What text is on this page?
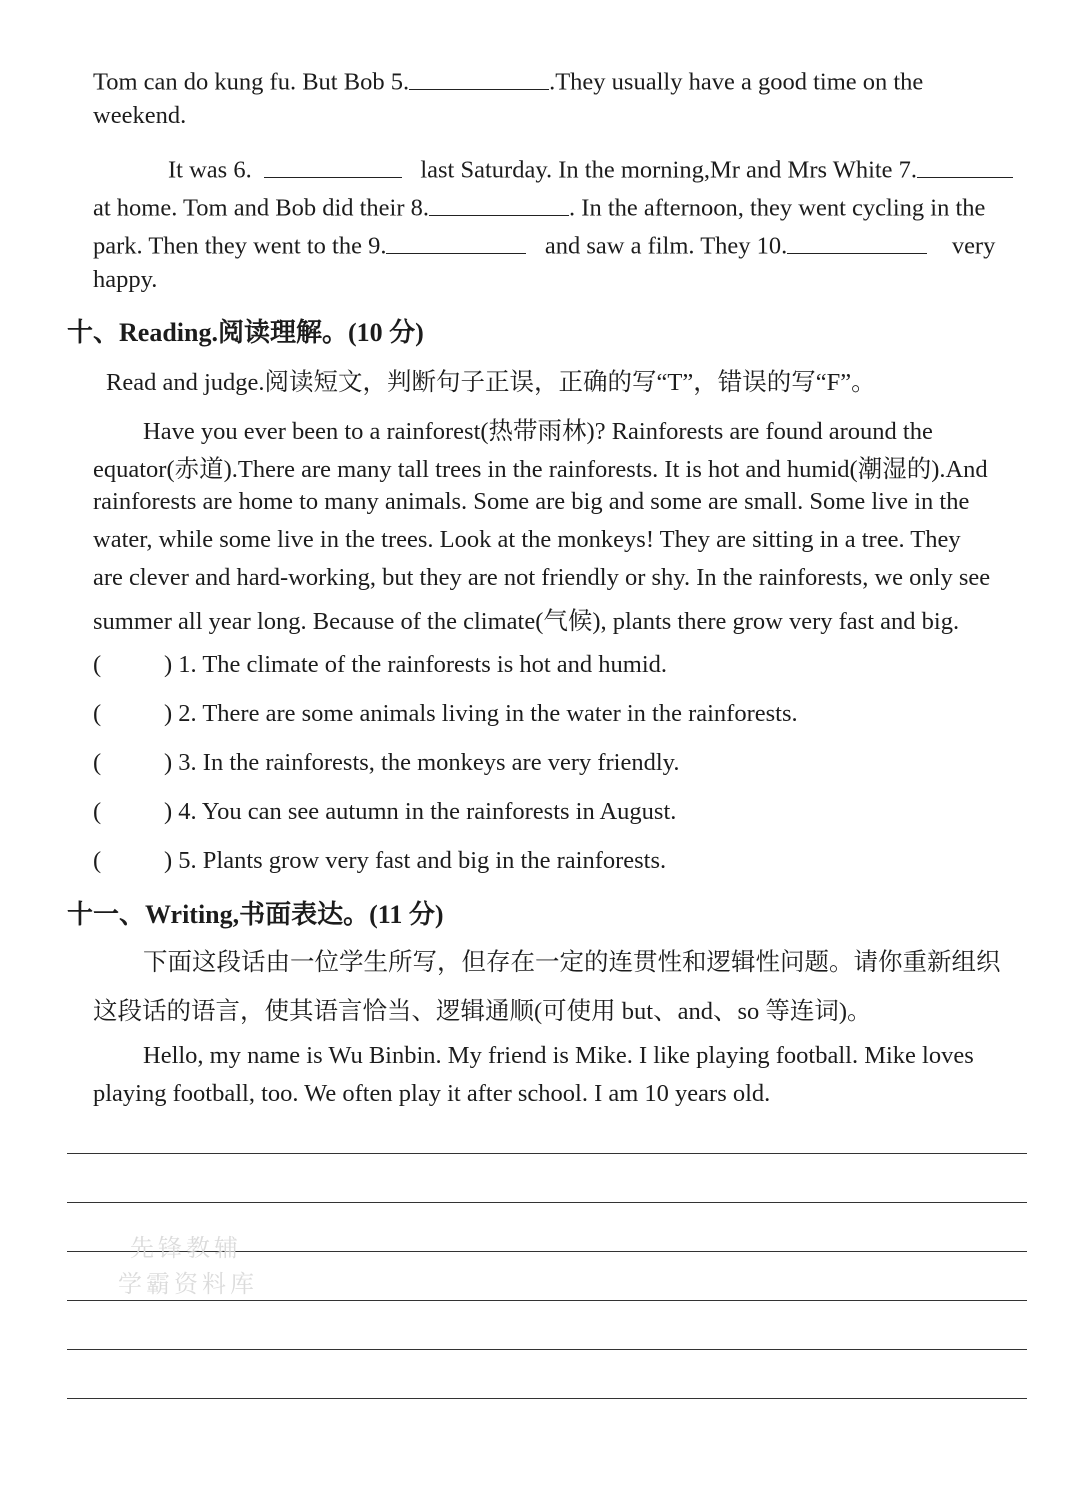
Tom can do kung fu. But Bob 5.	.They usually have a good time on the
weekend.
It was 6.	last Saturday. In the morning,Mr and Mrs White 7.
at home. Tom and Bob did their 8.	. In the afternoon, they went cycling in the
park. Then they went to the 9.	and saw a film. They 10.	very
happy.
十、Reading.阅读理解。(10 分)
Read and judge.阅读短文，判断句子正误，正确的写“T”，错误的写“F”。
Have you ever been to a rainforest(热带雨林)? Rainforests are found around the
equator(赤道).There are many tall trees in the rainforests. It is hot and humid(潮湿的).And
rainforests are home to many animals. Some are big and some are small. Some live in the
water, while some live in the trees. Look at the monkeys! They are sitting in a tree. They
are clever and hard-working, but they are not friendly or shy. In the rainforests, we only see
summer all year long. Because of the climate(气候), plants there grow very fast and big.
(	) 1. The climate of the rainforests is hot and humid.
(	) 2. There are some animals living in the water in the rainforests.
(	) 3. In the rainforests, the monkeys are very friendly.
(	) 4. You can see autumn in the rainforests in August.
(	) 5. Plants grow very fast and big in the rainforests.
十一、Writing,书面表达。(11 分)
下面这段话由一位学生所写，但存在一定的连贯性和逻辑性问题。请你重新组织
这段话的语言，使其语言恰当、逻辑通顺(可使用 but、and、so 等连词)。
Hello, my name is Wu Binbin. My friend is Mike. I like playing football. Mike loves
playing football, too. We often play it after school. I am 10 years old.
先锋教辅
学霸资料库
